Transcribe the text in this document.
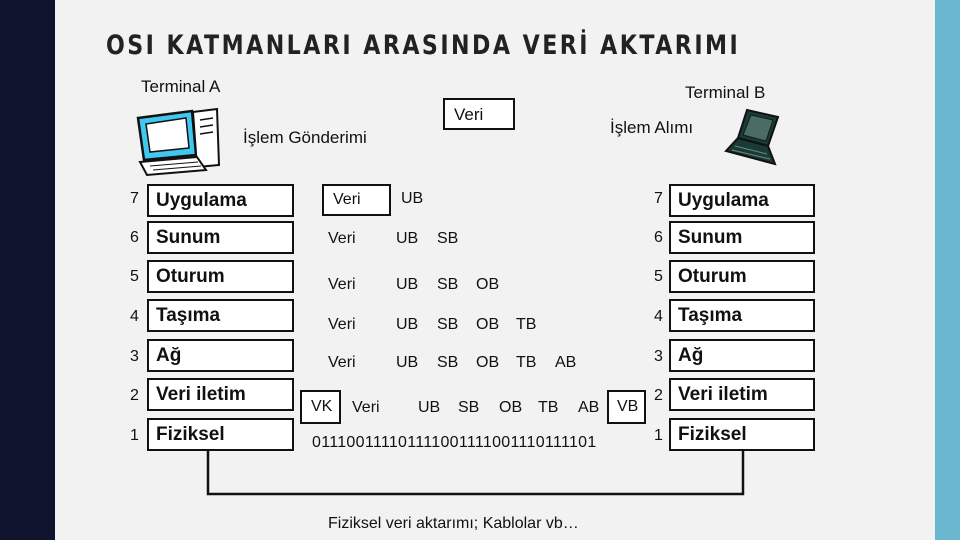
OSI KATMANLARI ARASINDA VERİ AKTARIMI
Terminal A	Terminal B
Veri
İşlem Gönderimi
İşlem Alımı
7 Uygulama
6 Sunum
5 Oturum
4 Taşıma
3 Ağ
2 Veri iletim
1 Fiziksel
7 Uygulama
6 Sunum
5 Oturum
4 Taşıma
3 Ağ
2 Veri iletim
1 Fiziksel
Veri	UB
Veri	UB SB
Veri	UB SB OB
Veri	UB SB OB TB
Veri	UB SB OB TB AB
VK Veri UB SB OB TB AB VB
011100111101111001111001110111101
Fiziksel veri aktarımı; Kablolar vb…
